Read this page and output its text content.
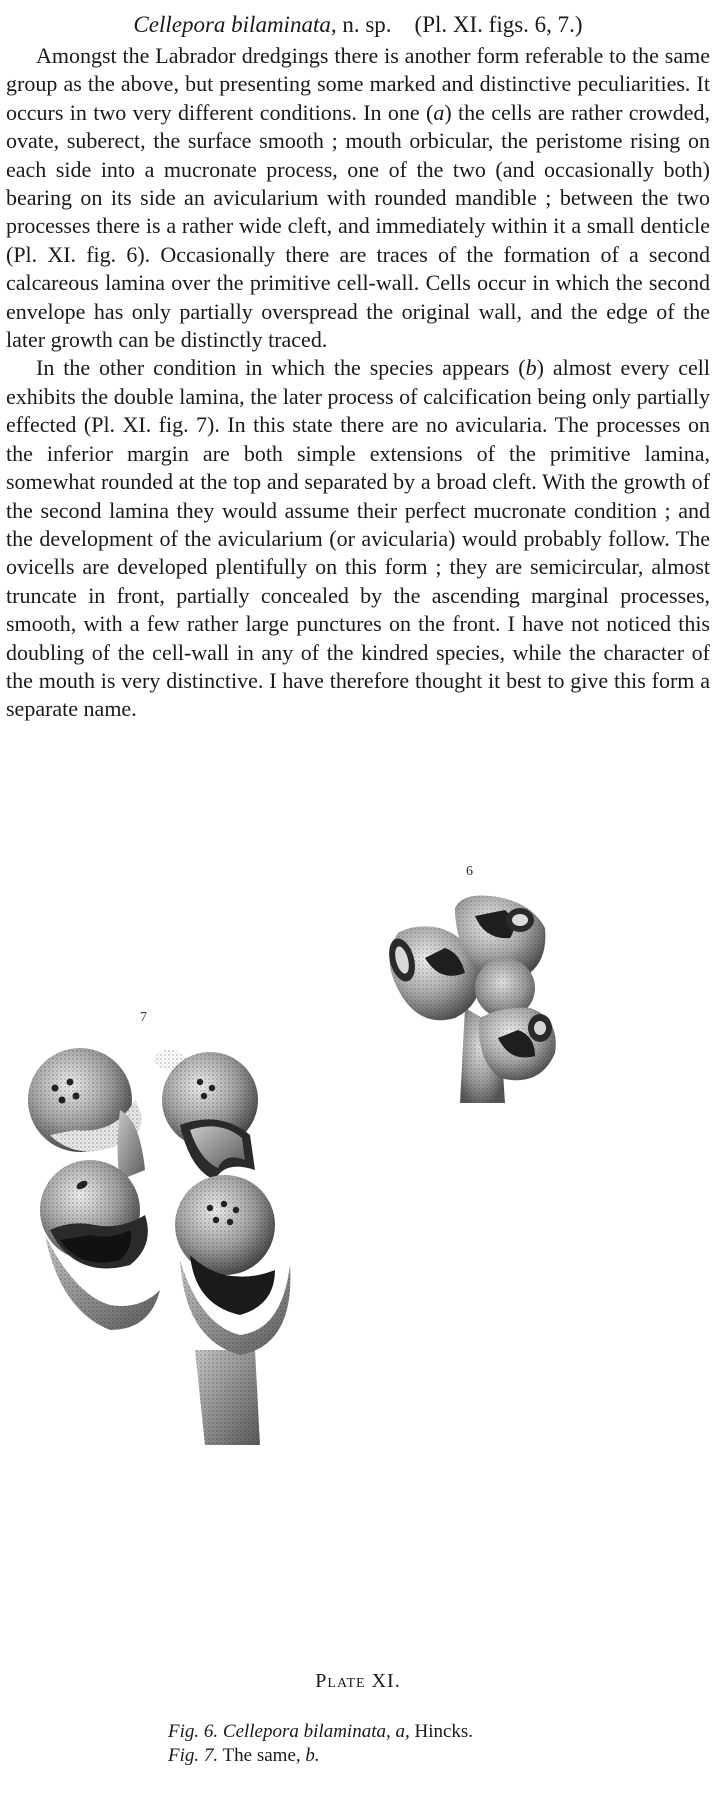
Cellepora bilaminata, n. sp.    (Pl. XI. figs. 6, 7.)

Amongst the Labrador dredgings there is another form referable to the same group as the above, but presenting some marked and distinctive peculiarities. It occurs in two very different conditions. In one (a) the cells are rather crowded, ovate, suberect, the surface smooth ; mouth orbicular, the peristome rising on each side into a mucronate process, one of the two (and occasionally both) bearing on its side an avicularium with rounded mandible ; between the two processes there is a rather wide cleft, and immediately within it a small denticle (Pl. XI. fig. 6). Occasionally there are traces of the formation of a second calcareous lamina over the primitive cell-wall. Cells occur in which the second envelope has only partially overspread the original wall, and the edge of the later growth can be distinctly traced.

In the other condition in which the species appears (b) almost every cell exhibits the double lamina, the later process of calcification being only partially effected (Pl. XI. fig. 7). In this state there are no avicularia. The processes on the inferior margin are both simple extensions of the primitive lamina, somewhat rounded at the top and separated by a broad cleft. With the growth of the second lamina they would assume their perfect mucronate condition ; and the development of the avicularium (or avicularia) would probably follow. The ovicells are developed plentifully on this form ; they are semicircular, almost truncate in front, partially concealed by the ascending marginal processes, smooth, with a few rather large punctures on the front. I have not noticed this doubling of the cell-wall in any of the kindred species, while the character of the mouth is very distinctive. I have therefore thought it best to give this form a separate name.

6
7
Plate XI.
Fig. 6. Cellepora bilaminata, a, Hincks.
Fig. 7. The same, b.
